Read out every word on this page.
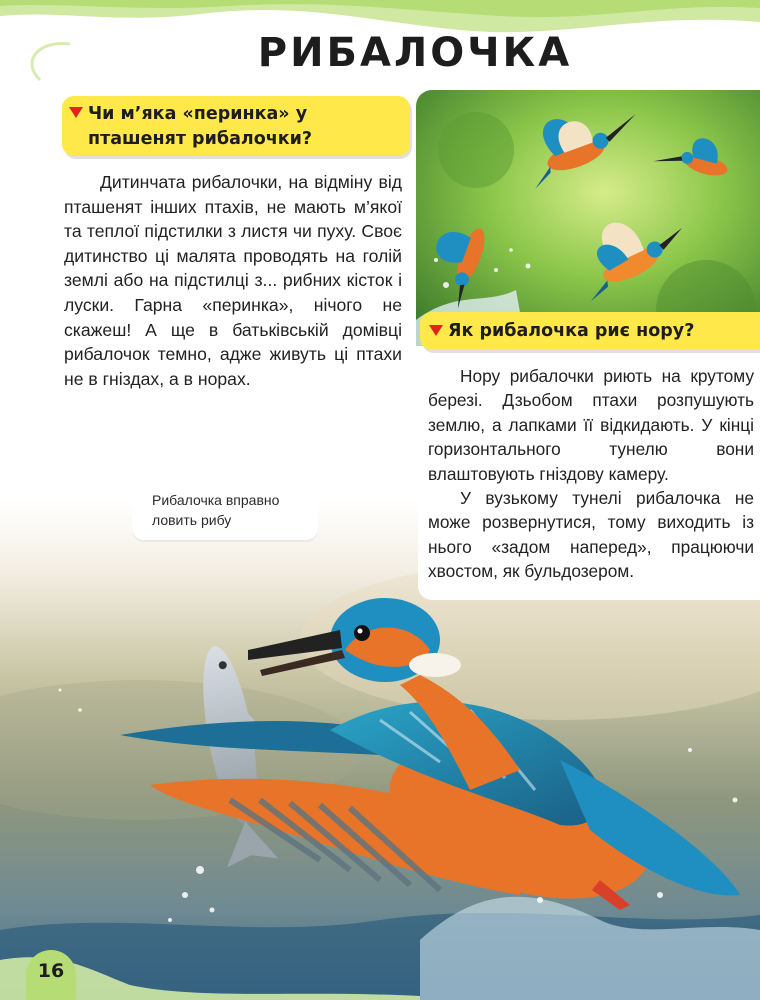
РИБАЛОЧКА
Рибалочка вправно ловить рибу
Чи м’яка «перинка» у пташенят рибалочки?

Дитинчата рибалочки, на відміну від пташенят інших птахів, не мають м’якої та теплої підстилки з листя чи пуху. Своє дитинство ці малята проводять на голій землі або на підстилці з... рибних кісток і луски. Гарна «перинка», нічого не скажеш! А ще в батьківській домівці рибалочок темно, адже живуть ці птахи не в гніздах, а в норах.

Як рибалочка риє нору?

Нору рибалочки риють на крутому березі. Дзьобом птахи розпушують землю, а лапками її відкидають. У кінці горизонтального тунелю вони влаштовують гніздову камеру.

У вузькому тунелі рибалочка не може розвернутися, тому виходить із нього «задом наперед», працюючи хвостом, як бульдозером.

16
